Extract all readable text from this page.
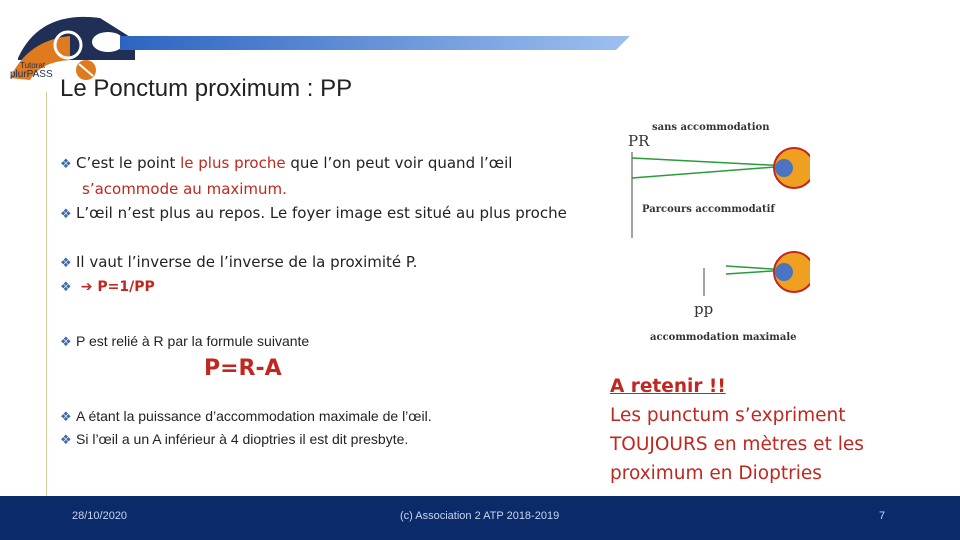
Tutorat
plurPASS
Le Ponctum proximum : PP
❖ C’est le point le plus proche que l’on peut voir quand l’œil
s’acommode au maximum.
❖ L’œil n’est plus au repos. Le foyer image est situé au plus proche
❖ Il vaut l’inverse de l’inverse de la proximité P.
❖ ➔ P=1/PP
❖ P est relié à R par la formule suivante
P=R-A
❖ A étant la puissance d’accommodation maximale de l’œil.
❖ Si l’œil a un A inférieur à 4 dioptries il est dit presbyte.
sans accommodation
PR
Parcours accommodatif
pp
accommodation maximale
A retenir !!
Les punctum s’expriment
TOUJOURS en mètres et les
proximum en Dioptries
28/10/2020	(c) Association 2 ATP 2018-2019	7
